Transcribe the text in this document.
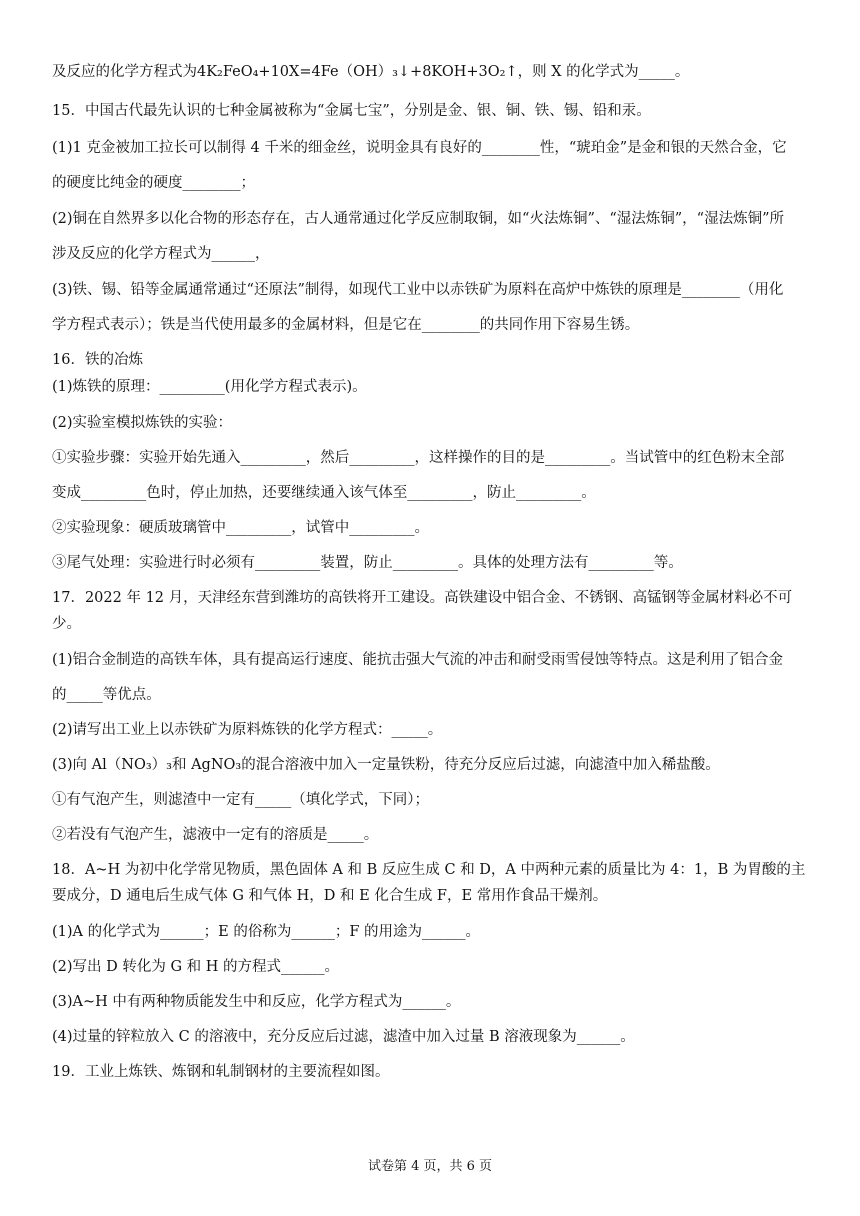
及反应的化学方程式为4K₂FeO₄+10X=4Fe（OH）₃↓+8KOH+3O₂↑，则 X 的化学式为_____。
15．中国古代最先认识的七种金属被称为“金属七宝”，分别是金、银、铜、铁、锡、铅和汞。
(1)1 克金被加工拉长可以制得 4 千米的细金丝，说明金具有良好的________性，“琥珀金”是金和银的天然合金，它
的硬度比纯金的硬度________；
(2)铜在自然界多以化合物的形态存在，古人通常通过化学反应制取铜，如“火法炼铜”、“湿法炼铜”，“湿法炼铜”所
涉及反应的化学方程式为______，
(3)铁、锡、铅等金属通常通过“还原法”制得，如现代工业中以赤铁矿为原料在高炉中炼铁的原理是________（用化
学方程式表示）；铁是当代使用最多的金属材料，但是它在________的共同作用下容易生锈。
16．铁的冶炼
(1)炼铁的原理：_________(用化学方程式表示)。
(2)实验室模拟炼铁的实验：
①实验步骤：实验开始先通入_________，然后_________，这样操作的目的是_________。当试管中的红色粉末全部
变成_________色时，停止加热，还要继续通入该气体至_________，防止_________。
②实验现象：硬质玻璃管中_________，试管中_________。
③尾气处理：实验进行时必须有_________装置，防止_________。具体的处理方法有_________等。
17．2022 年 12 月，天津经东营到潍坊的高铁将开工建设。高铁建设中铝合金、不锈钢、高锰钢等金属材料必不可
少。
(1)铝合金制造的高铁车体，具有提高运行速度、能抗击强大气流的冲击和耐受雨雪侵蚀等特点。这是利用了铝合金
的_____等优点。
(2)请写出工业上以赤铁矿为原料炼铁的化学方程式：_____。
(3)向 Al（NO₃）₃和 AgNO₃的混合溶液中加入一定量铁粉，待充分反应后过滤，向滤渣中加入稀盐酸。
①有气泡产生，则滤渣中一定有_____（填化学式，下同）；
②若没有气泡产生，滤液中一定有的溶质是_____。
18．A~H 为初中化学常见物质，黑色固体 A 和 B 反应生成 C 和 D，A 中两种元素的质量比为 4：1，B 为胃酸的主
要成分，D 通电后生成气体 G 和气体 H，D 和 E 化合生成 F，E 常用作食品干燥剂。
(1)A 的化学式为______；E 的俗称为______；F 的用途为______。
(2)写出 D 转化为 G 和 H 的方程式______。
(3)A~H 中有两种物质能发生中和反应，化学方程式为______。
(4)过量的锌粒放入 C 的溶液中，充分反应后过滤，滤渣中加入过量 B 溶液现象为______。
19．工业上炼铁、炼钢和轧制钢材的主要流程如图。
试卷第 4 页，共 6 页
